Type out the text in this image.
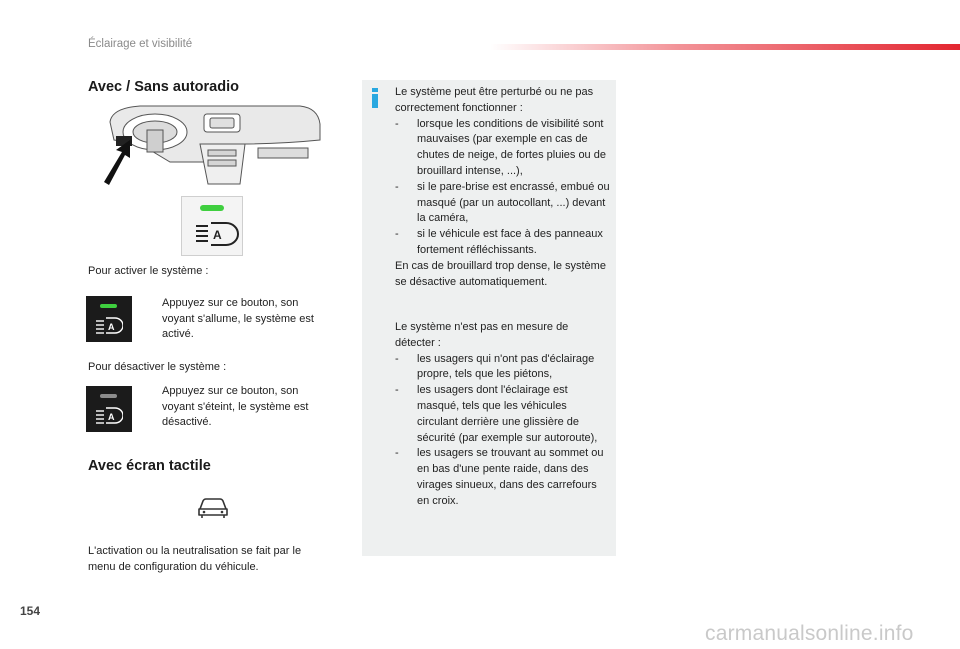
Éclairage et visibilité
Avec / Sans autoradio
A
Pour activer le système :
A
Appuyez sur ce bouton, son voyant s'allume, le système est activé.
Pour désactiver le système :
A
Appuyez sur ce bouton, son voyant s'éteint, le système est désactivé.
Avec écran tactile
L'activation ou la neutralisation se fait par le menu de configuration du véhicule.
Le système peut être perturbé ou ne pas correctement fonctionner :
-	lorsque les conditions de visibilité sont mauvaises (par exemple en cas de chutes de neige, de fortes pluies ou de brouillard intense, ...),
-	si le pare-brise est encrassé, embué ou masqué (par un autocollant, ...) devant la caméra,
-	si le véhicule est face à des panneaux fortement réfléchissants.
En cas de brouillard trop dense, le système se désactive automatiquement.
Le système n'est pas en mesure de détecter :
-	les usagers qui n'ont pas d'éclairage propre, tels que les piétons,
-	les usagers dont l'éclairage est masqué, tels que les véhicules circulant derrière une glissière de sécurité (par exemple sur autoroute),
-	les usagers se trouvant au sommet ou en bas d'une pente raide, dans des virages sinueux, dans des carrefours en croix.
154
carmanualsonline.info
